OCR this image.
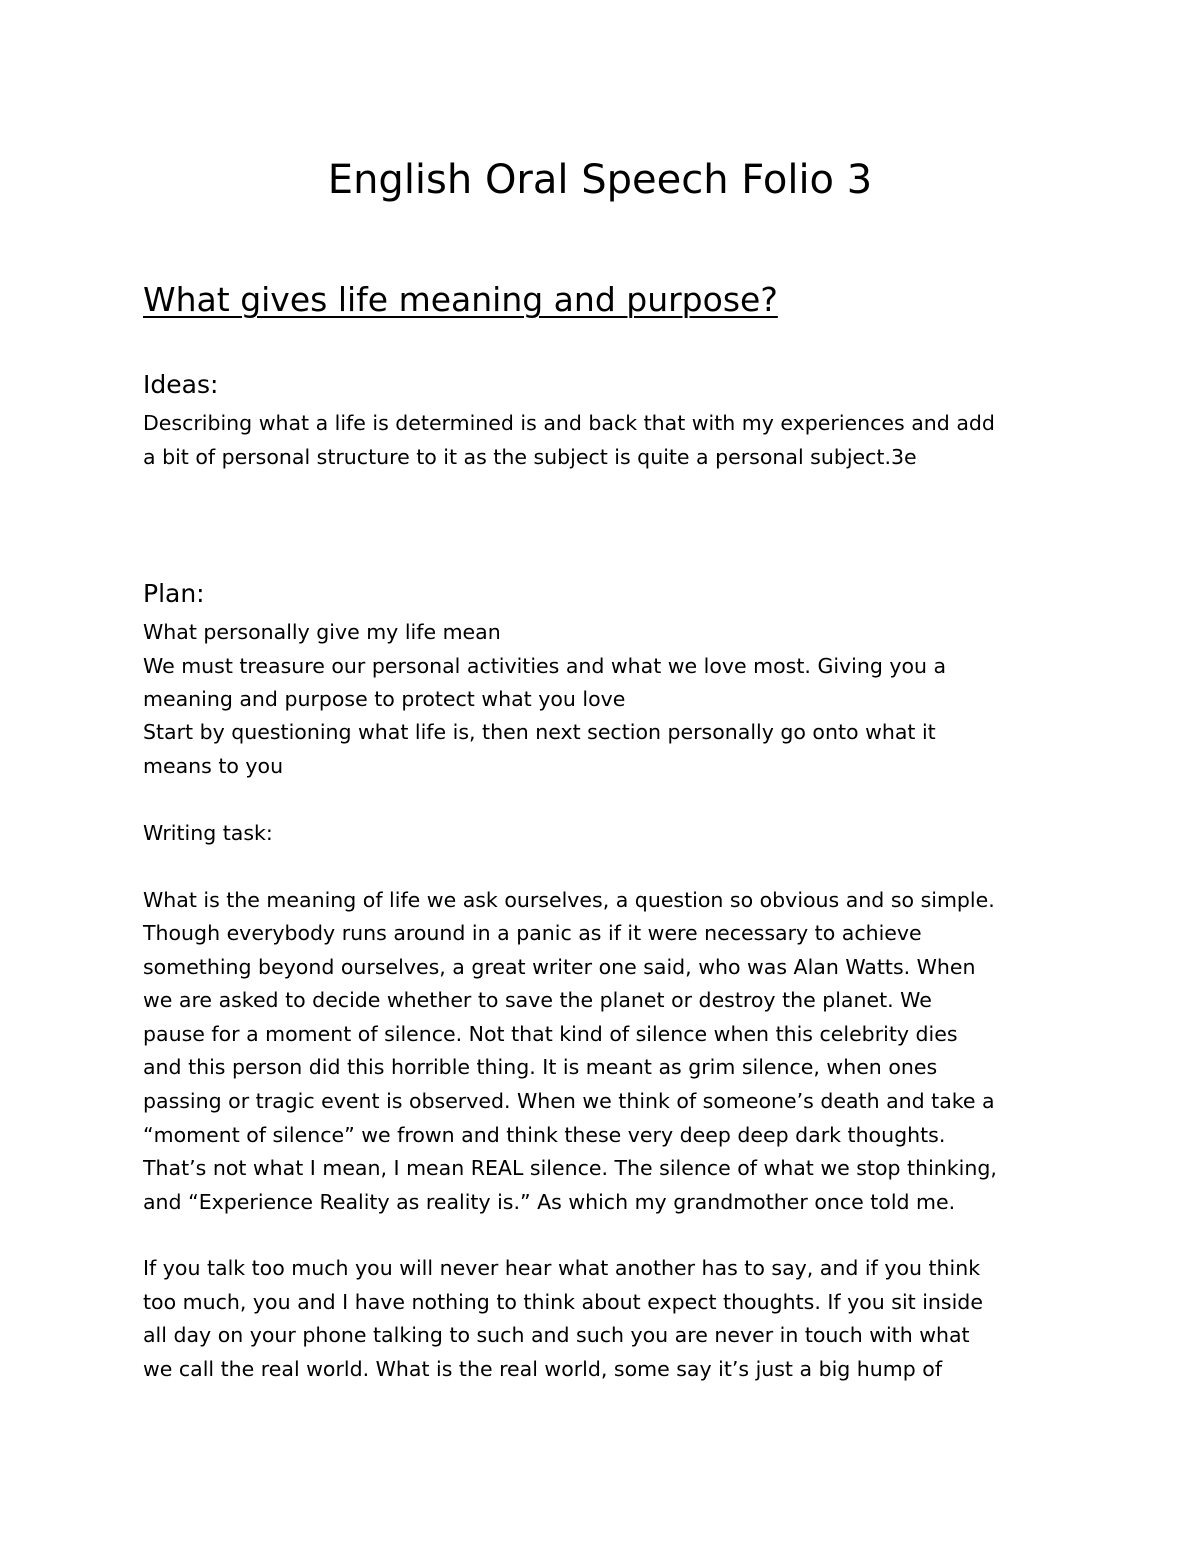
English Oral Speech Folio 3
What gives life meaning and purpose?
Ideas:
Describing what a life is determined is and back that with my experiences and add
a bit of personal structure to it as the subject is quite a personal subject.3e
Plan:
What personally give my life mean
We must treasure our personal activities and what we love most. Giving you a
meaning and purpose to protect what you love
Start by questioning what life is, then next section personally go onto what it
means to you
Writing task:
What is the meaning of life we ask ourselves, a question so obvious and so simple.
Though everybody runs around in a panic as if it were necessary to achieve
something beyond ourselves, a great writer one said, who was Alan Watts. When
we are asked to decide whether to save the planet or destroy the planet. We
pause for a moment of silence. Not that kind of silence when this celebrity dies
and this person did this horrible thing. It is meant as grim silence, when ones
passing or tragic event is observed. When we think of someone’s death and take a
“moment of silence” we frown and think these very deep deep dark thoughts.
That’s not what I mean, I mean REAL silence. The silence of what we stop thinking,
and “Experience Reality as reality is.” As which my grandmother once told me.
If you talk too much you will never hear what another has to say, and if you think
too much, you and I have nothing to think about expect thoughts. If you sit inside
all day on your phone talking to such and such you are never in touch with what
we call the real world. What is the real world, some say it’s just a big hump of
